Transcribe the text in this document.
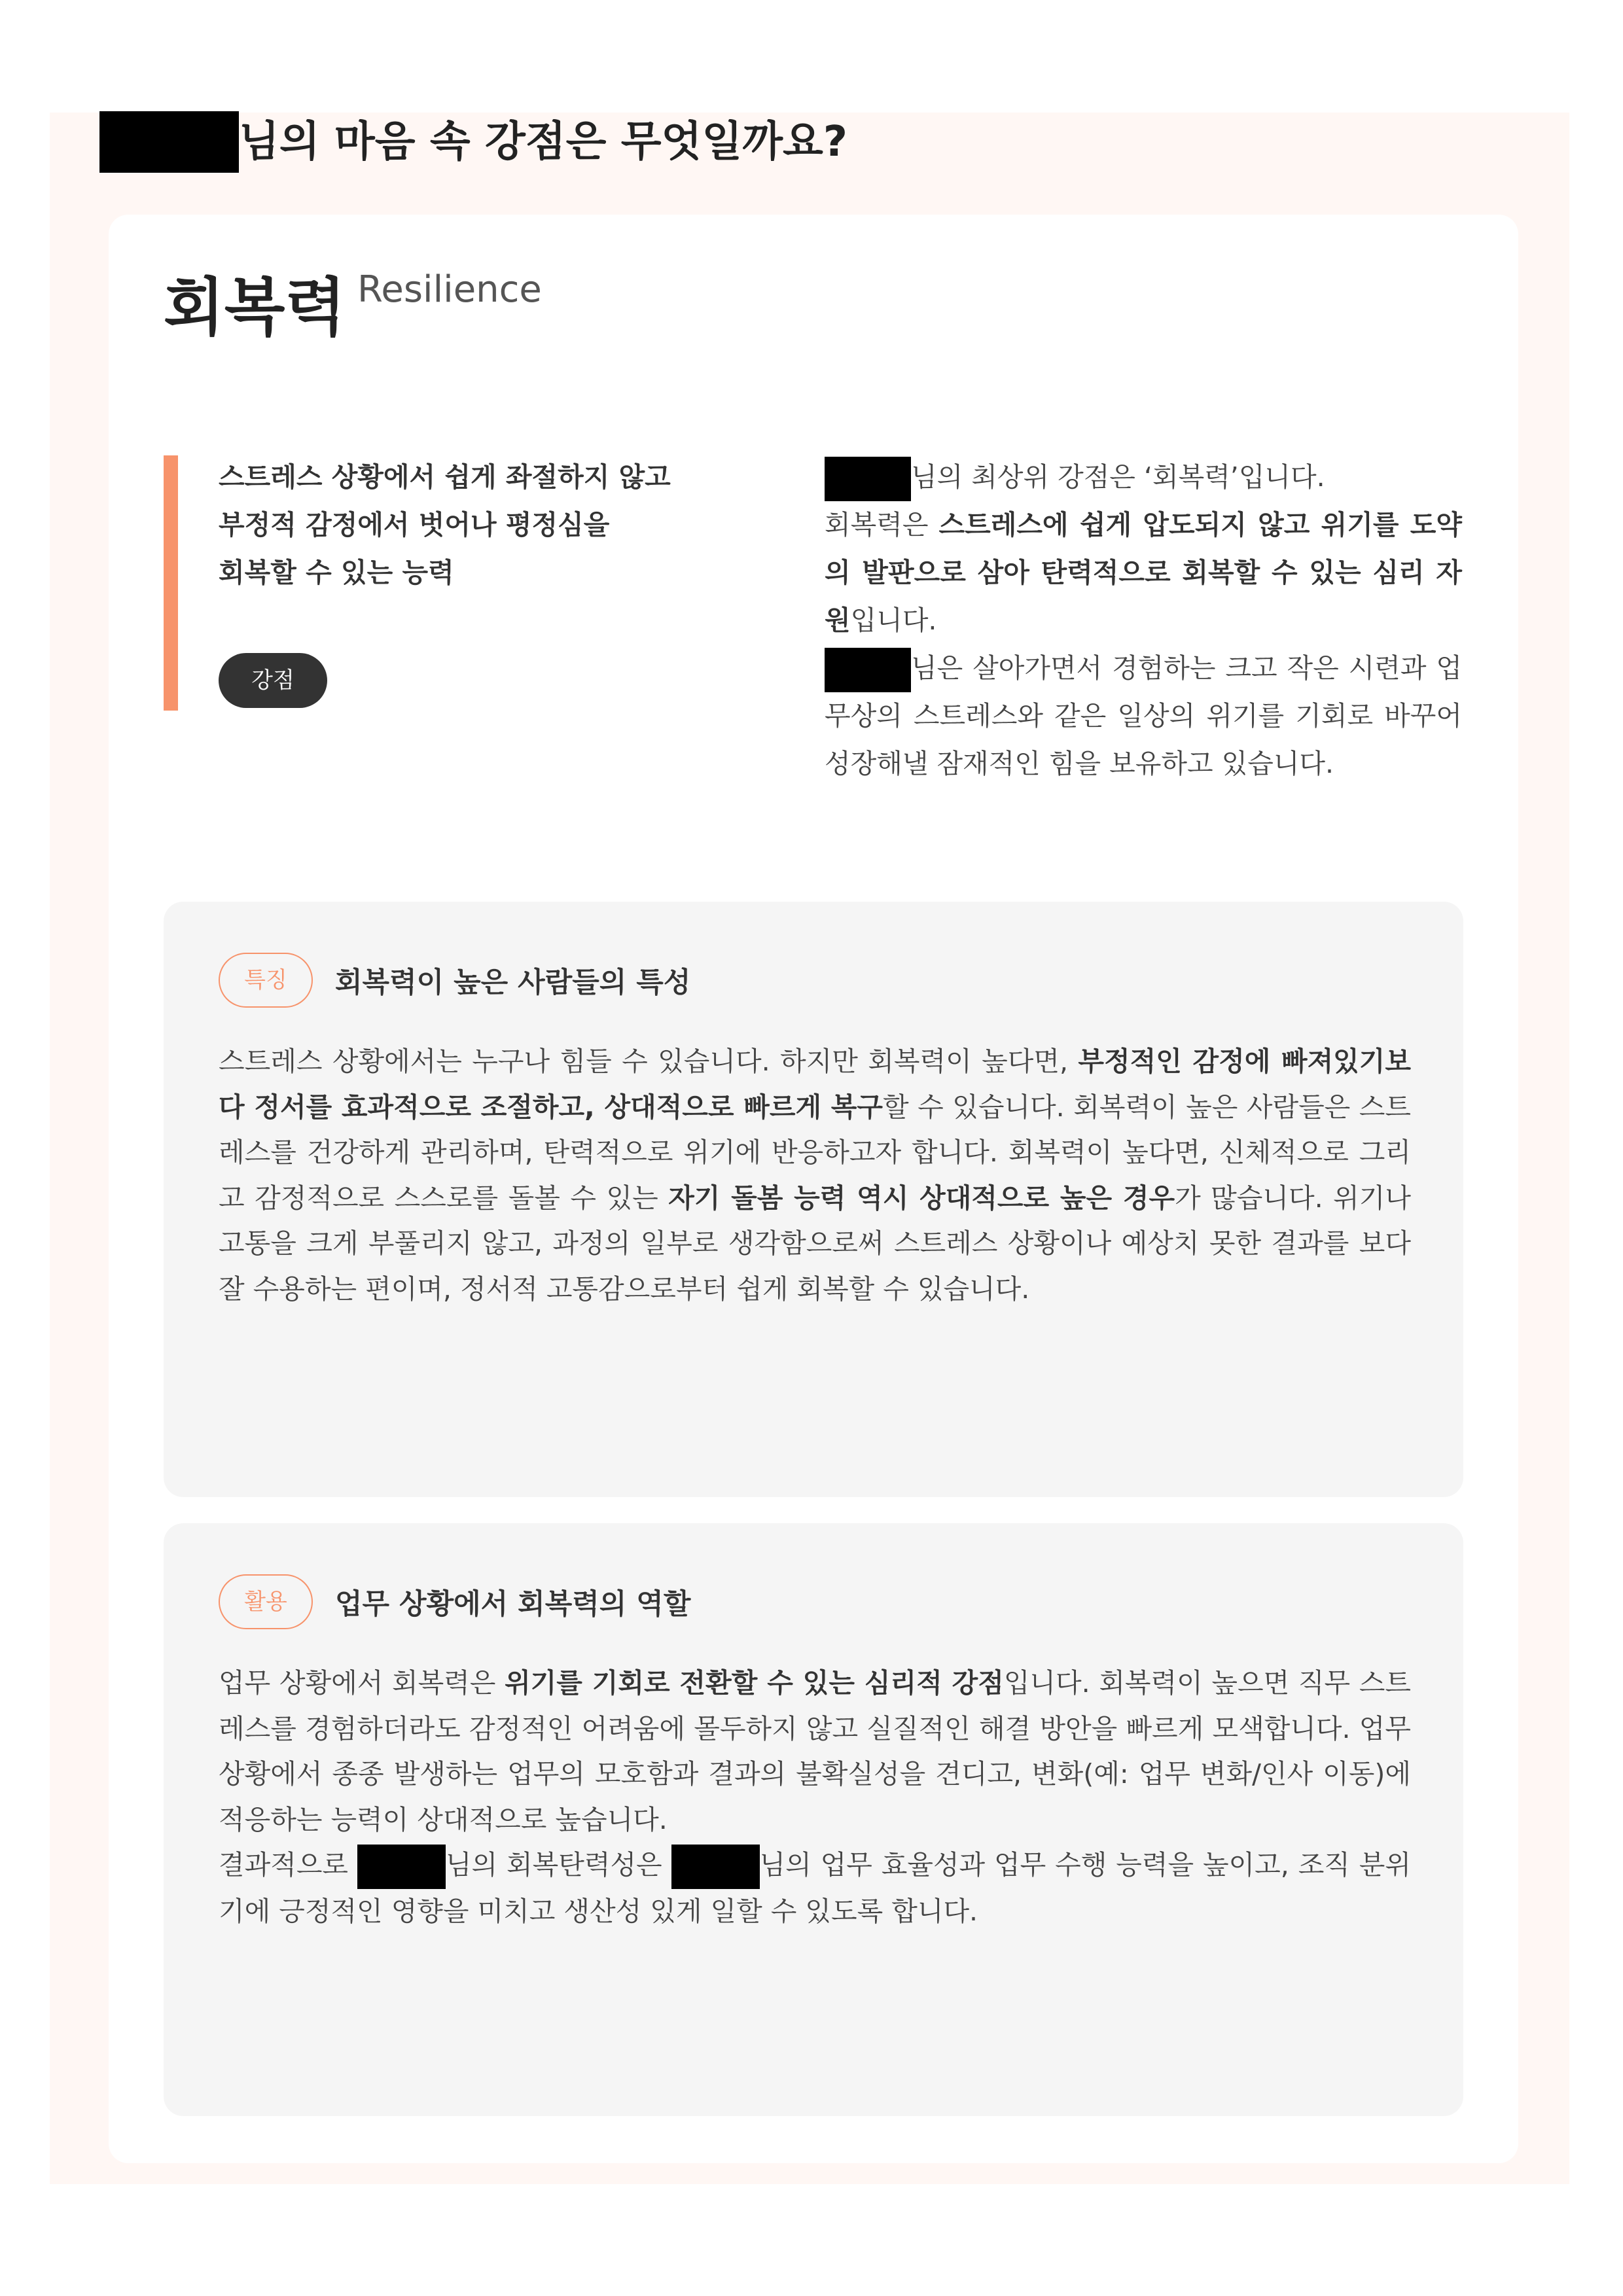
님의 마음 속 강점은 무엇일까요?
회복력 Resilience
스트레스 상황에서 쉽게 좌절하지 않고
부정적 감정에서 벗어나 평정심을
회복할 수 있는 능력
강점
님의 최상위 강점은 ‘회복력’입니다.
회복력은 스트레스에 쉽게 압도되지 않고 위기를 도약의 발판으로 삼아 탄력적으로 회복할 수 있는 심리 자원입니다.
님은 살아가면서 경험하는 크고 작은 시련과 업무상의 스트레스와 같은 일상의 위기를 기회로 바꾸어 성장해낼 잠재적인 힘을 보유하고 있습니다.
특징 회복력이 높은 사람들의 특성
스트레스 상황에서는 누구나 힘들 수 있습니다. 하지만 회복력이 높다면, 부정적인 감정에 빠져있기보다 정서를 효과적으로 조절하고, 상대적으로 빠르게 복구할 수 있습니다. 회복력이 높은 사람들은 스트레스를 건강하게 관리하며, 탄력적으로 위기에 반응하고자 합니다. 회복력이 높다면, 신체적으로 그리고 감정적으로 스스로를 돌볼 수 있는 자기 돌봄 능력 역시 상대적으로 높은 경우가 많습니다. 위기나 고통을 크게 부풀리지 않고, 과정의 일부로 생각함으로써 스트레스 상황이나 예상치 못한 결과를 보다 잘 수용하는 편이며, 정서적 고통감으로부터 쉽게 회복할 수 있습니다.
활용 업무 상황에서 회복력의 역할
업무 상황에서 회복력은 위기를 기회로 전환할 수 있는 심리적 강점입니다. 회복력이 높으면 직무 스트레스를 경험하더라도 감정적인 어려움에 몰두하지 않고 실질적인 해결 방안을 빠르게 모색합니다. 업무 상황에서 종종 발생하는 업무의 모호함과 결과의 불확실성을 견디고, 변화(예: 업무 변화/인사 이동)에 적응하는 능력이 상대적으로 높습니다.
결과적으로	님의 회복탄력성은	님의 업무 효율성과 업무 수행 능력을 높이고, 조직 분위기에 긍정적인 영향을 미치고 생산성 있게 일할 수 있도록 합니다.
